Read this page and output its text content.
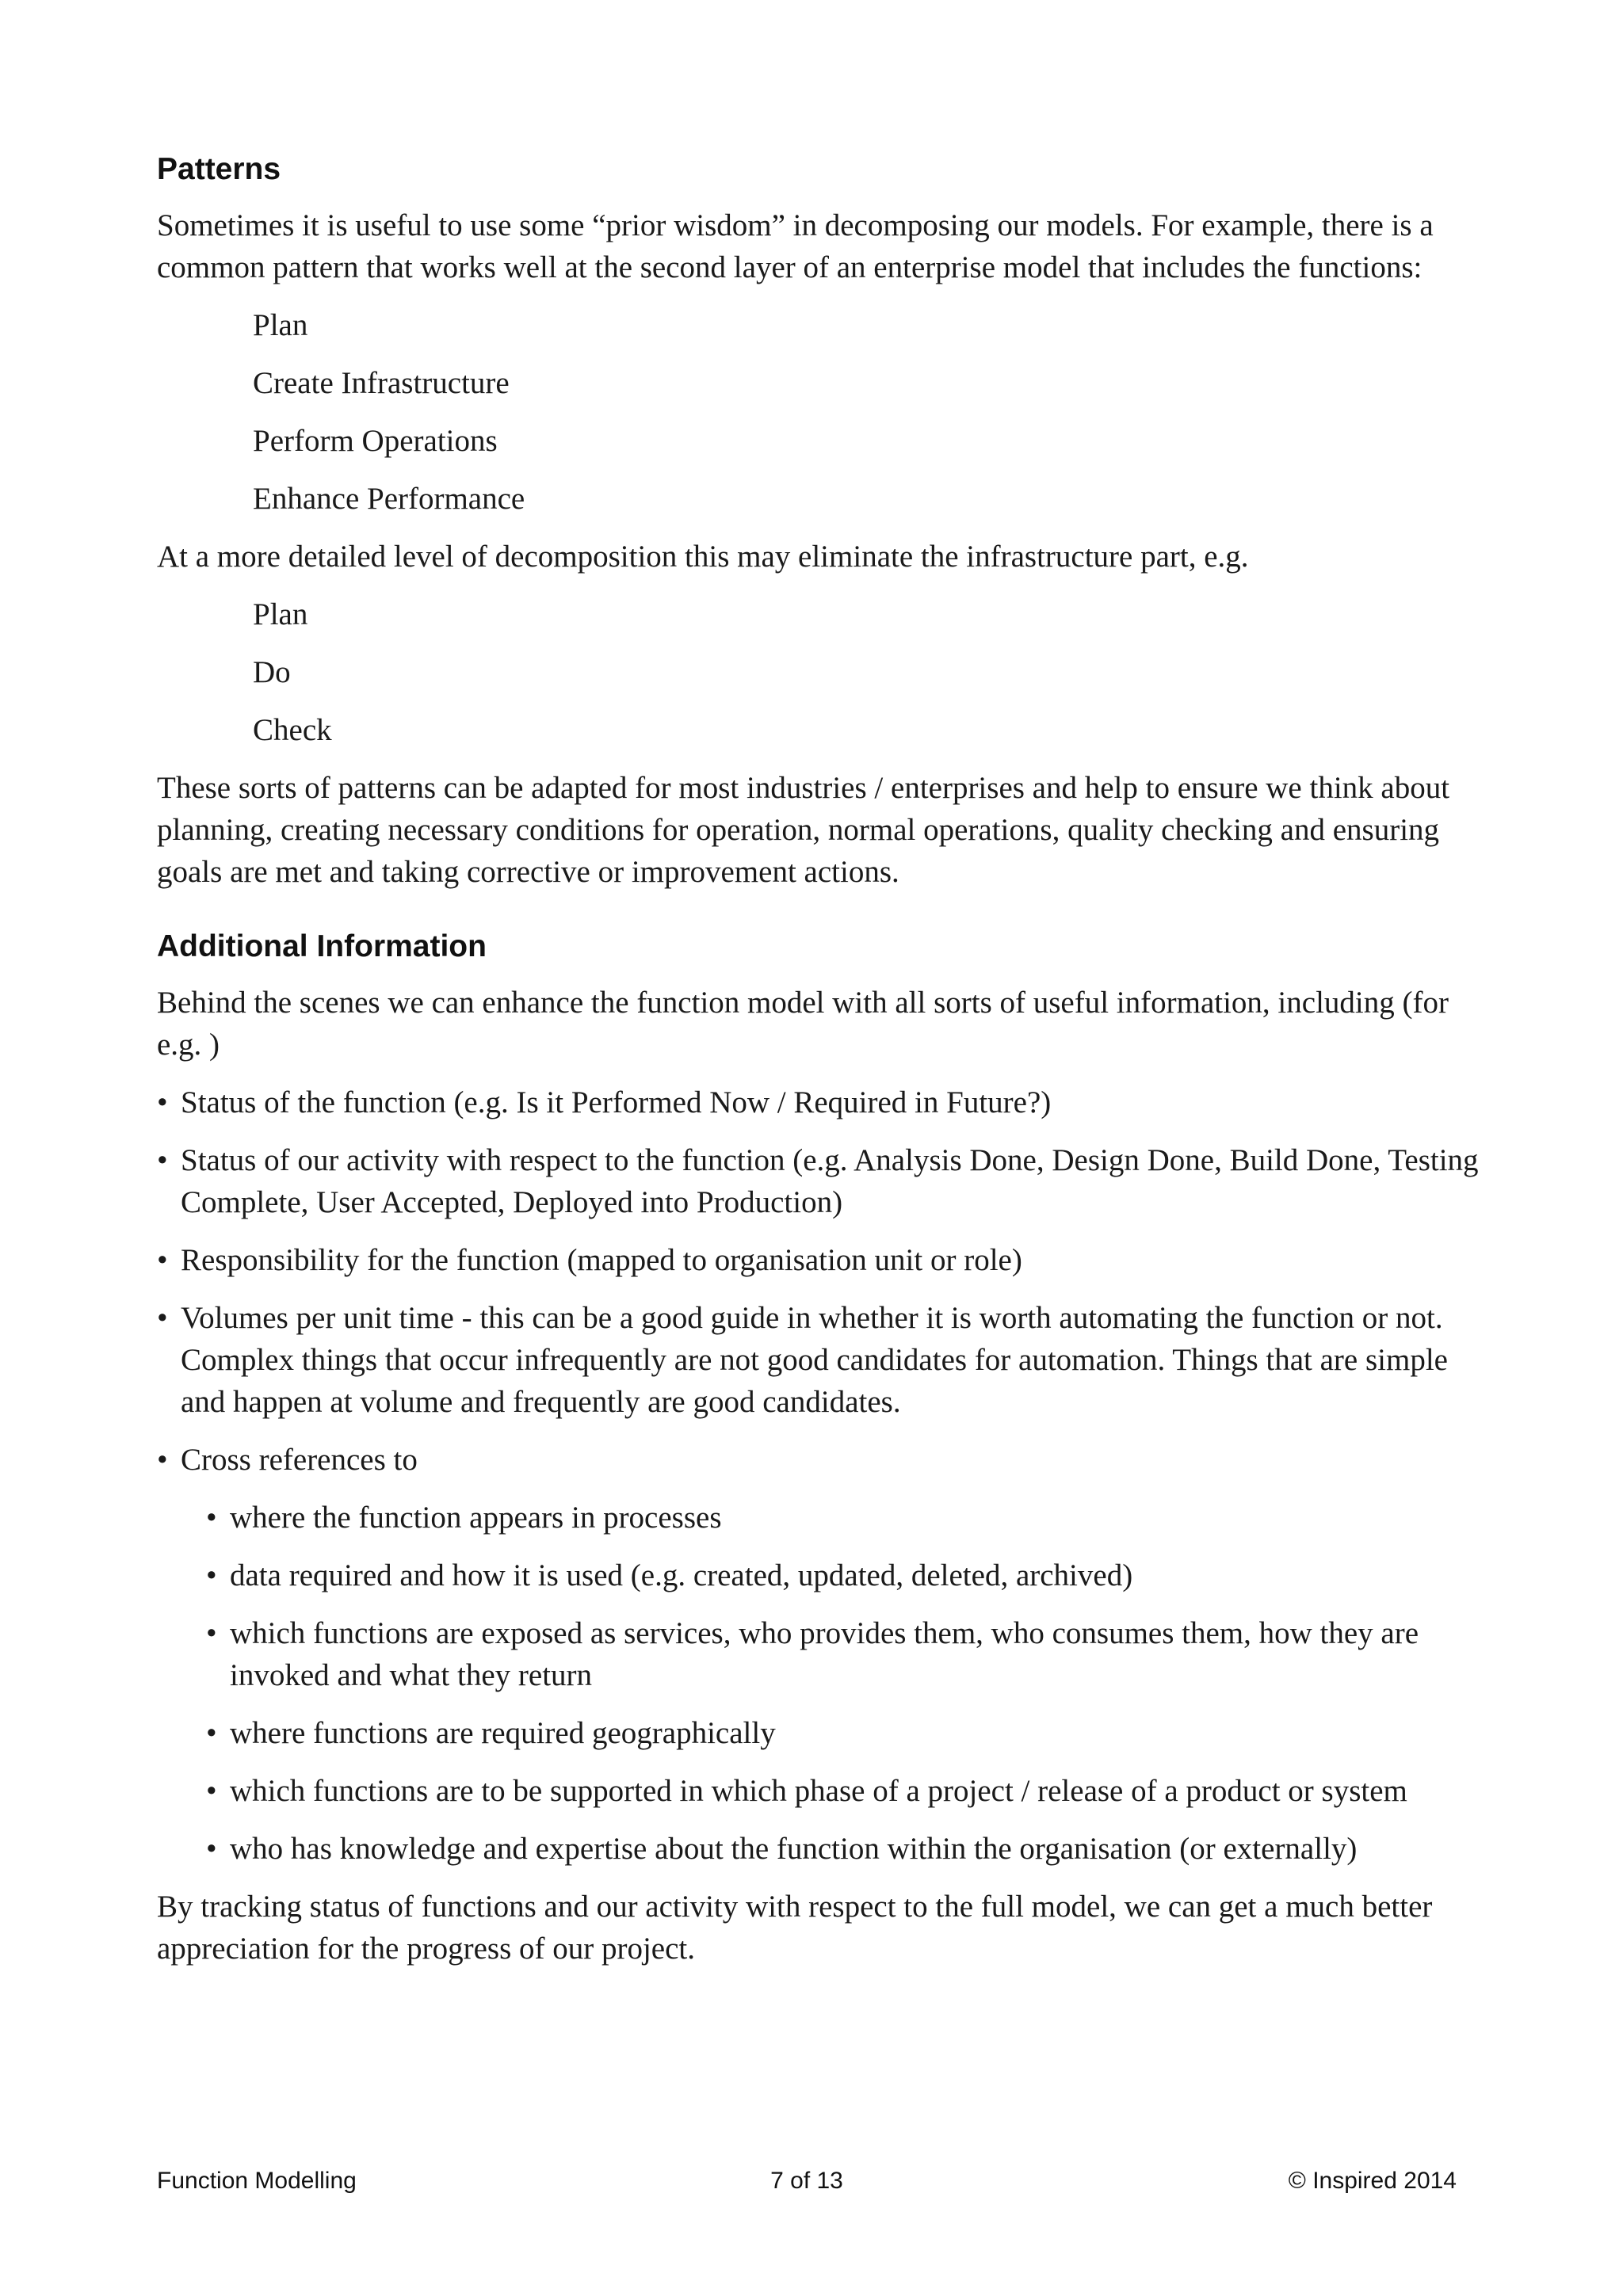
Patterns

Sometimes it is useful to use some “prior wisdom” in decomposing our models. For example, there is a common pattern that works well at the second layer of an enterprise model that includes the functions:

Plan
Create Infrastructure
Perform Operations
Enhance Performance

At a more detailed level of decomposition this may eliminate the infrastructure part, e.g.

Plan
Do
Check

These sorts of patterns can be adapted for most industries / enterprises and help to ensure we think about planning, creating necessary conditions for operation, normal operations, quality checking and ensuring goals are met and taking corrective or improvement actions.

Additional Information

Behind the scenes we can enhance the function model with all sorts of useful information, including (for e.g. )

• Status of the function (e.g. Is it Performed Now / Required in Future?)
• Status of our activity with respect to the function (e.g. Analysis Done, Design Done, Build Done, Testing Complete, User Accepted, Deployed into Production)
• Responsibility for the function (mapped to organisation unit or role)
• Volumes per unit time - this can be a good guide in whether it is worth automating the function or not. Complex things that occur infrequently are not good candidates for automation. Things that are simple and happen at volume and frequently are good candidates.
• Cross references to
• where the function appears in processes
• data required and how it is used (e.g. created, updated, deleted, archived)
• which functions are exposed as services, who provides them, who consumes them, how they are invoked and what they return
• where functions are required geographically
• which functions are to be supported in which phase of a project / release of a product or system
• who has knowledge and expertise about the function within the organisation (or externally)

By tracking status of functions and our activity with respect to the full model, we can get a much better appreciation for the progress of our project.

Function Modelling	7 of 13	© Inspired 2014
